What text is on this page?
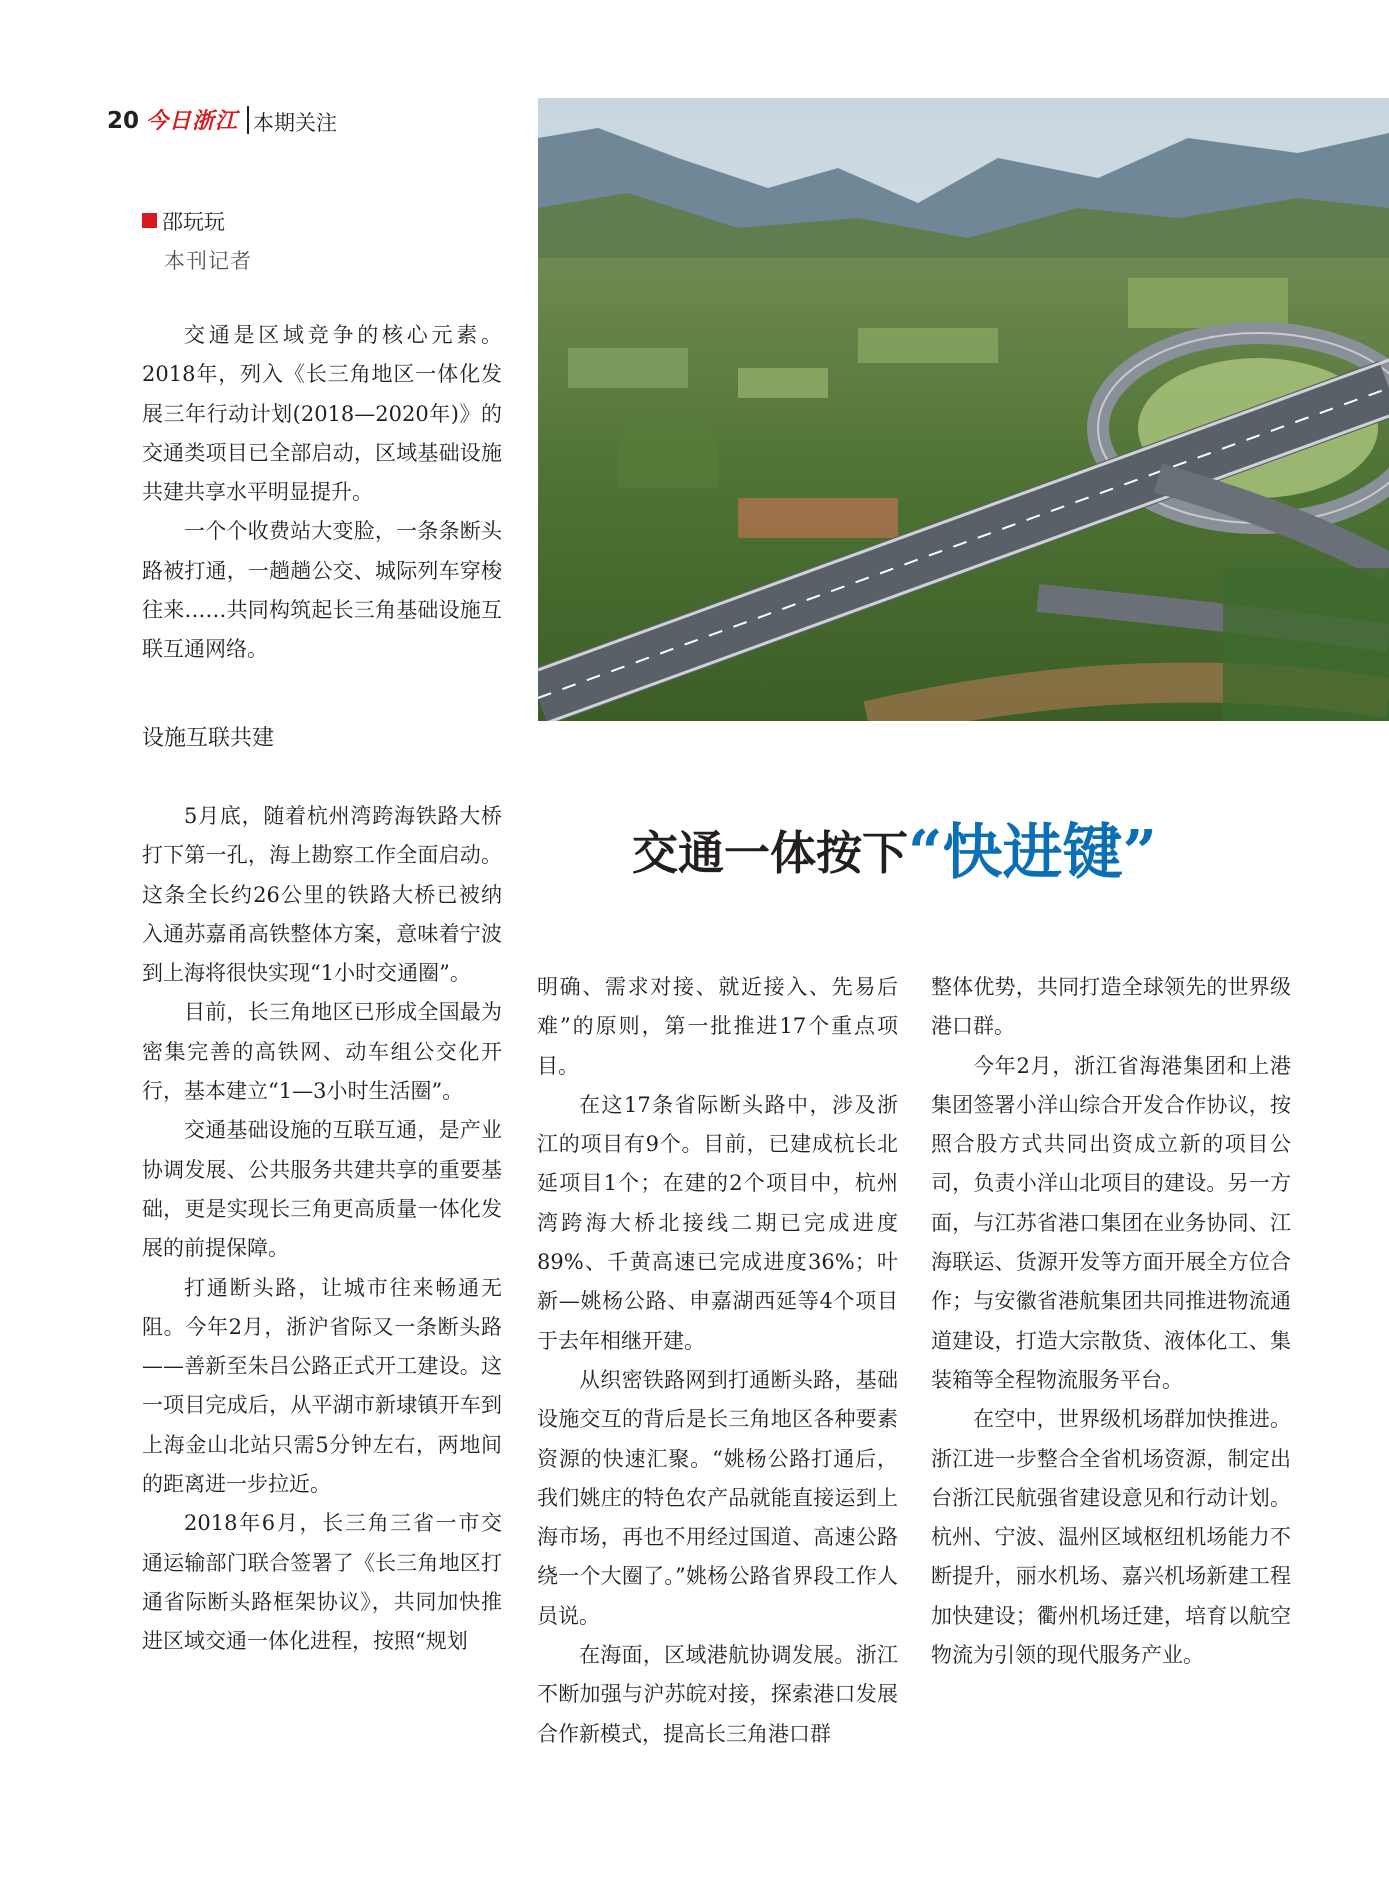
20 今日浙江 本期关注
邵玩玩
本刊记者

交通是区域竞争的核心元素。2018年，列入《长三角地区一体化发展三年行动计划(2018—2020年)》的交通类项目已全部启动，区域基础设施共建共享水平明显提升。

一个个收费站大变脸，一条条断头路被打通，一趟趟公交、城际列车穿梭往来……共同构筑起长三角基础设施互联互通网络。

设施互联共建
交通一体按下“快进键”

5月底，随着杭州湾跨海铁路大桥打下第一孔，海上勘察工作全面启动。这条全长约26公里的铁路大桥已被纳入通苏嘉甬高铁整体方案，意味着宁波到上海将很快实现“1小时交通圈”。

目前，长三角地区已形成全国最为密集完善的高铁网、动车组公交化开行，基本建立“1—3小时生活圈”。

交通基础设施的互联互通，是产业协调发展、公共服务共建共享的重要基础，更是实现长三角更高质量一体化发展的前提保障。

打通断头路，让城市往来畅通无阻。今年2月，浙沪省际又一条断头路——善新至朱吕公路正式开工建设。这一项目完成后，从平湖市新埭镇开车到上海金山北站只需5分钟左右，两地间的距离进一步拉近。

2018年6月，长三角三省一市交通运输部门联合签署了《长三角地区打通省际断头路框架协议》，共同加快推进区域交通一体化进程，按照“规划

明确、需求对接、就近接入、先易后难”的原则，第一批推进17个重点项目。

在这17条省际断头路中，涉及浙江的项目有9个。目前，已建成杭长北延项目1个；在建的2个项目中，杭州湾跨海大桥北接线二期已完成进度89%、千黄高速已完成进度36%；叶新—姚杨公路、申嘉湖西延等4个项目于去年相继开建。

从织密铁路网到打通断头路，基础设施交互的背后是长三角地区各种要素资源的快速汇聚。“姚杨公路打通后，我们姚庄的特色农产品就能直接运到上海市场，再也不用经过国道、高速公路绕一个大圈了。”姚杨公路省界段工作人员说。

在海面，区域港航协调发展。浙江不断加强与沪苏皖对接，探索港口发展合作新模式，提高长三角港口群

整体优势，共同打造全球领先的世界级港口群。

今年2月，浙江省海港集团和上港集团签署小洋山综合开发合作协议，按照合股方式共同出资成立新的项目公司，负责小洋山北项目的建设。另一方面，与江苏省港口集团在业务协同、江海联运、货源开发等方面开展全方位合作；与安徽省港航集团共同推进物流通道建设，打造大宗散货、液体化工、集装箱等全程物流服务平台。

在空中，世界级机场群加快推进。浙江进一步整合全省机场资源，制定出台浙江民航强省建设意见和行动计划。杭州、宁波、温州区域枢纽机场能力不断提升，丽水机场、嘉兴机场新建工程加快建设；衢州机场迁建，培育以航空物流为引领的现代服务产业。
